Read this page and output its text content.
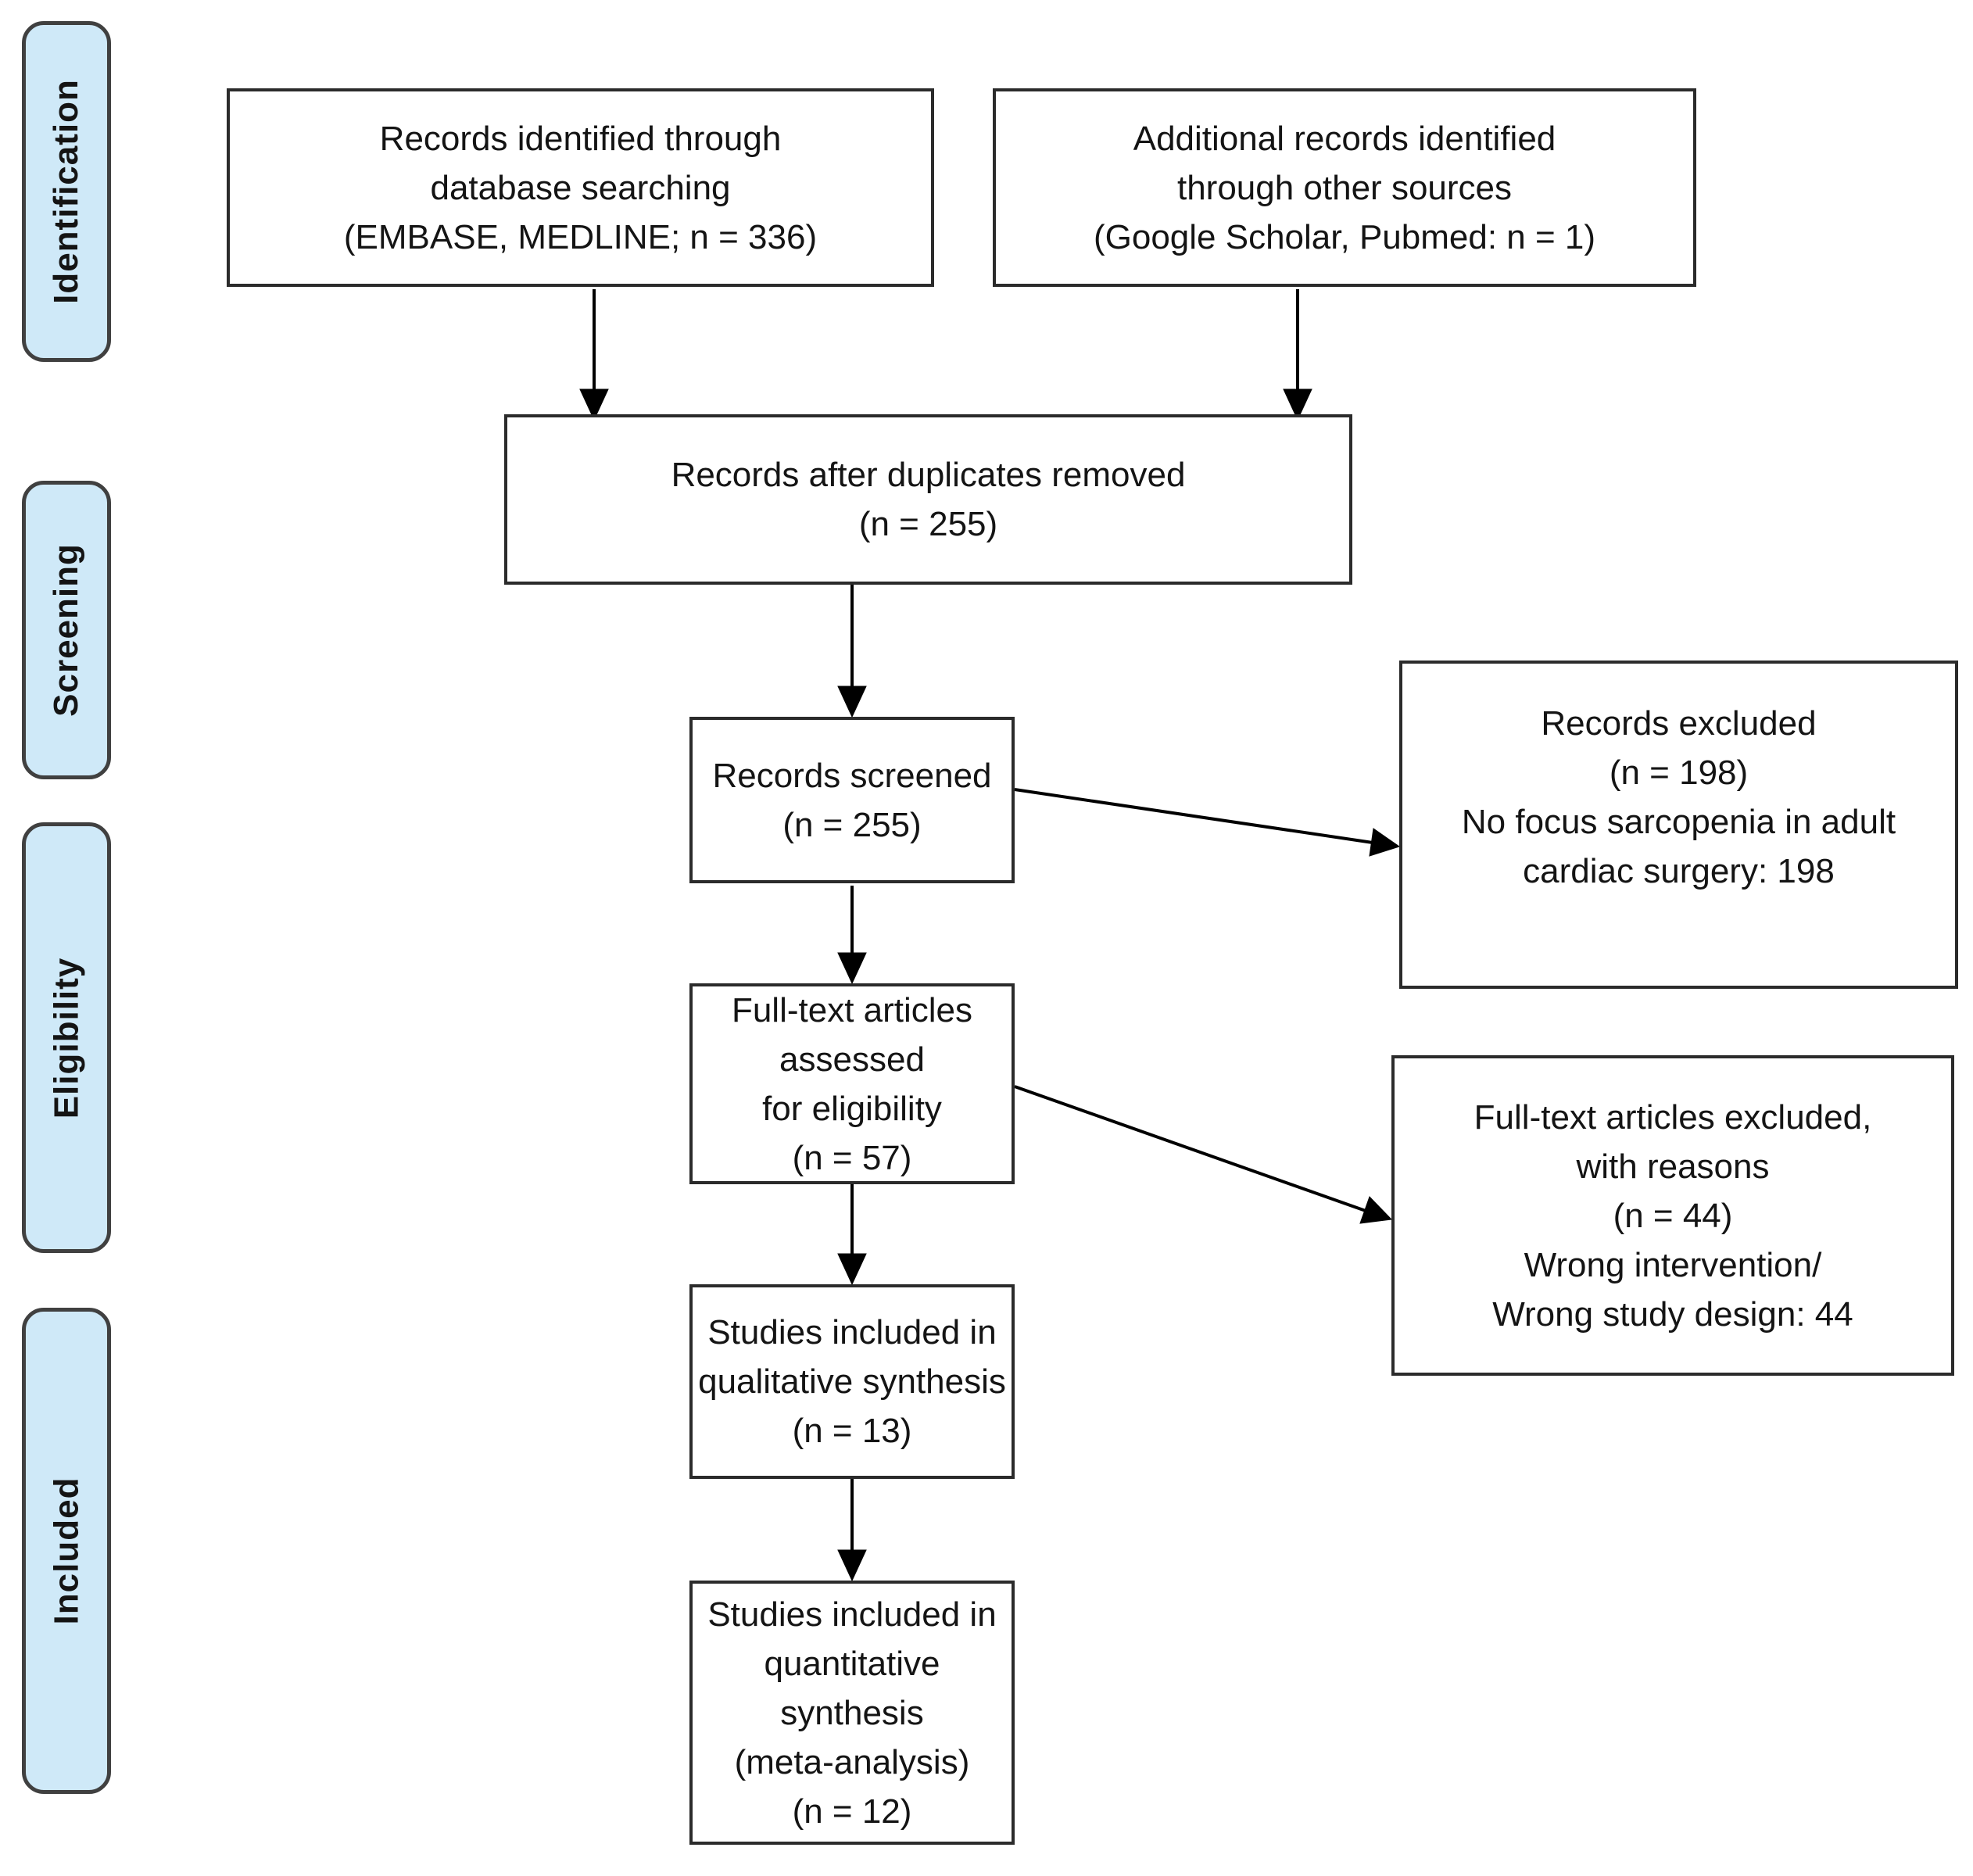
Identification
Screening
Eligibility
Included
Records identified through
database searching
(EMBASE, MEDLINE; n = 336)
Additional records identified
through other sources
(Google Scholar, Pubmed: n = 1)
Records after duplicates removed
(n = 255)
Records screened
(n = 255)
Records excluded
(n = 198)
No focus sarcopenia in adult
cardiac surgery: 198
Full-text articles assessed
for eligibility
(n = 57)
Full-text articles excluded,
with reasons
(n = 44)
Wrong intervention/
Wrong study design: 44
Studies included in
qualitative synthesis
(n = 13)
Studies included in
quantitative synthesis
(meta-analysis)
(n = 12)
